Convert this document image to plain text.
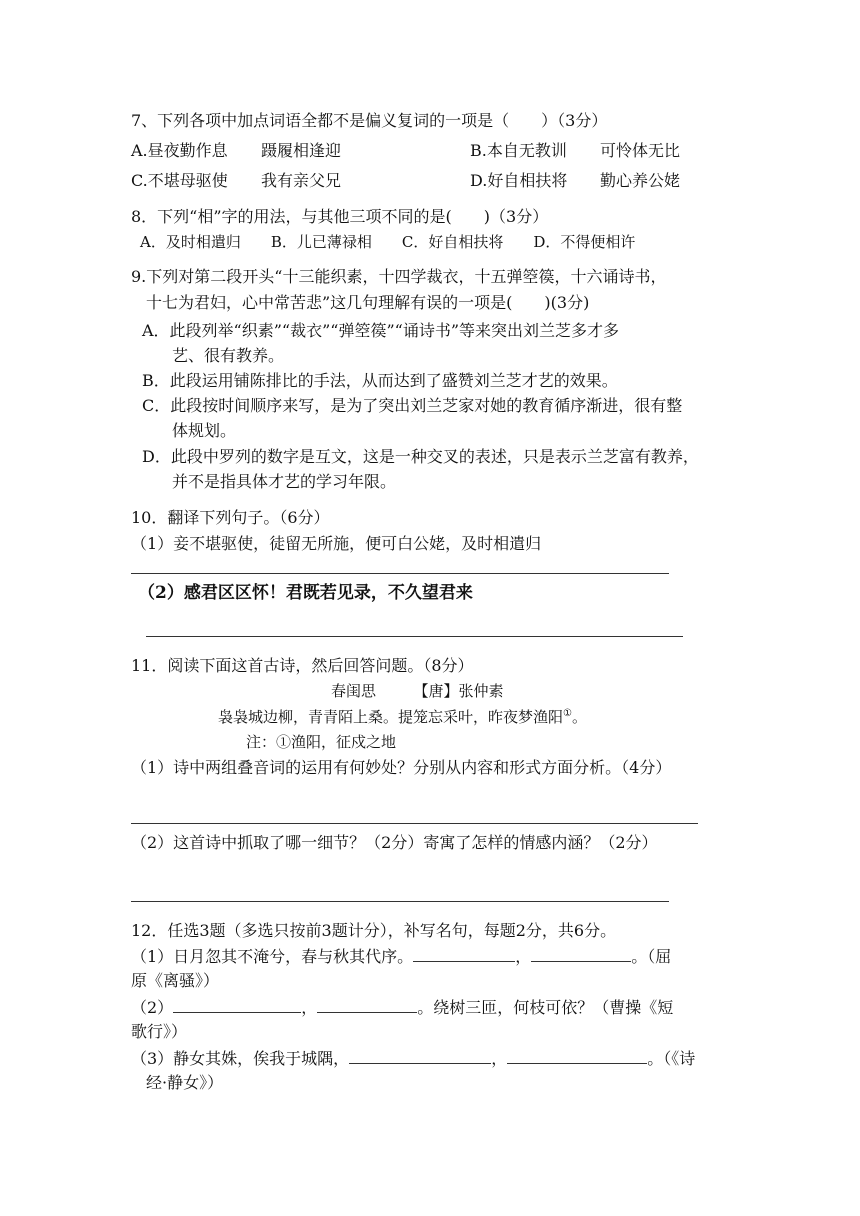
7、下列各项中加点词语全都不是偏义复词的一项是（　　）（3分）
A.昼夜勤作息 蹑履相逢迎	B.本自无教训 可怜体无比
C.不堪母驱使 我有亲父兄	D.好自相扶将 勤心养公姥
8．下列“相”字的用法，与其他三项不同的是(　　)（3分）
A．及时相遣归　　B．儿已薄禄相　　C．好自相扶将　　D．不得便相许
9.下列对第二段开头“十三能织素，十四学裁衣，十五弹箜篌，十六诵诗书，
十七为君妇，心中常苦悲”这几句理解有误的一项是(　　)(3分)
A．此段列举“织素”“裁衣”“弹箜篌”“诵诗书”等来突出刘兰芝多才多
艺、很有教养。
B．此段运用铺陈排比的手法，从而达到了盛赞刘兰芝才艺的效果。
C．此段按时间顺序来写，是为了突出刘兰芝家对她的教育循序渐进，很有整
体规划。
D．此段中罗列的数字是互文，这是一种交叉的表述，只是表示兰芝富有教养，
并不是指具体才艺的学习年限。
10．翻译下列句子。（6分）
（1）妾不堪驱使，徒留无所施，便可白公姥，及时相遣归
（2）感君区区怀！君既若见录，不久望君来
11．阅读下面这首古诗，然后回答问题。（8分）
春闺思　　　【唐】张仲素
袅袅城边柳，青青陌上桑。提笼忘采叶，昨夜梦渔阳①。
注：①渔阳，征戍之地
（1）诗中两组叠音词的运用有何妙处？分别从内容和形式方面分析。（4分）
（2）这首诗中抓取了哪一细节？（2分）寄寓了怎样的情感内涵？（2分）
12．任选3题（多选只按前3题计分），补写名句，每题2分，共6分。
（1）日月忽其不淹兮，春与秋其代序。	，	。（屈
原《离骚》）
（2）	，	。绕树三匝，何枝可依？（曹操《短
歌行》）
（3）静女其姝，俟我于城隅，	，	。（《诗
经·静女》）
